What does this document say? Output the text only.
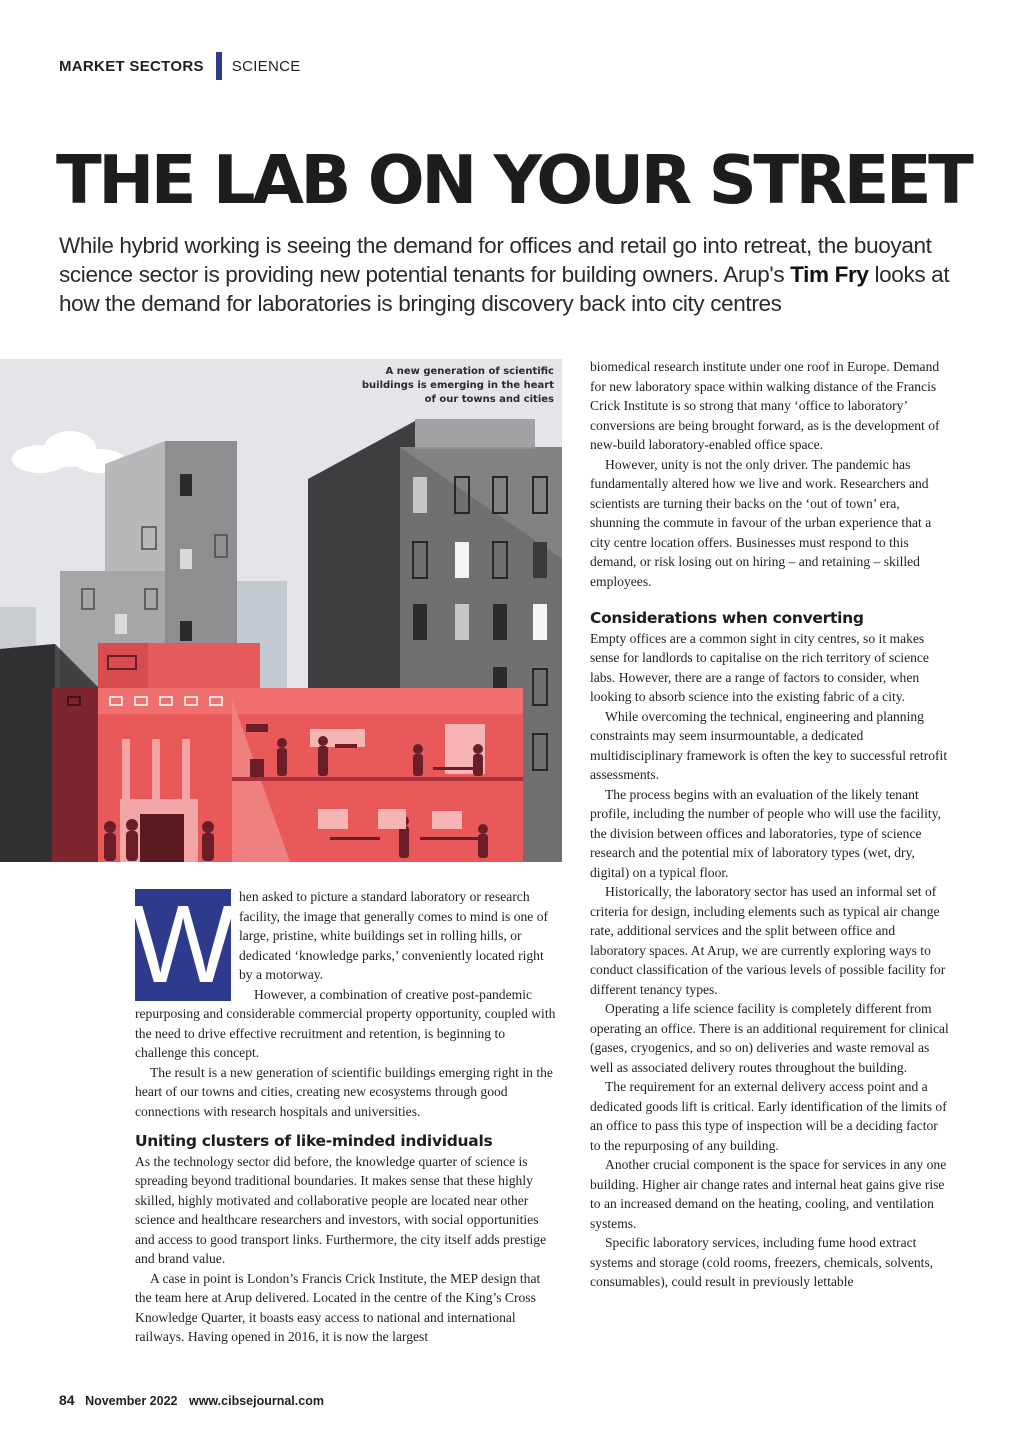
MARKET SECTORS SCIENCE
THE LAB ON YOUR STREET

While hybrid working is seeing the demand for offices and retail go into retreat, the buoyant science sector is providing new potential tenants for building owners. Arup's Tim Fry looks at how the demand for laboratories is bringing discovery back into city centres

A new generation of scientific buildings is emerging in the heart of our towns and cities

W hen asked to picture a standard laboratory or research facility, the image that generally comes to mind is one of large, pristine, white buildings set in rolling hills, or dedicated ‘knowledge parks,’ conveniently located right by a motorway.

However, a combination of creative post-pandemic repurposing and considerable commercial property opportunity, coupled with the need to drive effective recruitment and retention, is beginning to challenge this concept.

The result is a new generation of scientific buildings emerging right in the heart of our towns and cities, creating new ecosystems through good connections with research hospitals and universities.

Uniting clusters of like-minded individuals

As the technology sector did before, the knowledge quarter of science is spreading beyond traditional boundaries. It makes sense that these highly skilled, highly motivated and collaborative people are located near other science and healthcare researchers and investors, with social opportunities and access to good transport links. Furthermore, the city itself adds prestige and brand value.

A case in point is London’s Francis Crick Institute, the MEP design that the team here at Arup delivered. Located in the centre of the King’s Cross Knowledge Quarter, it boasts easy access to national and international railways. Having opened in 2016, it is now the largest

biomedical research institute under one roof in Europe. Demand for new laboratory space within walking distance of the Francis Crick Institute is so strong that many ‘office to laboratory’ conversions are being brought forward, as is the development of new-build laboratory-enabled office space.

However, unity is not the only driver. The pandemic has fundamentally altered how we live and work. Researchers and scientists are turning their backs on the ‘out of town’ era, shunning the commute in favour of the urban experience that a city centre location offers. Businesses must respond to this demand, or risk losing out on hiring – and retaining – skilled employees.

Considerations when converting

Empty offices are a common sight in city centres, so it makes sense for landlords to capitalise on the rich territory of science labs. However, there are a range of factors to consider, when looking to absorb science into the existing fabric of a city.

While overcoming the technical, engineering and planning constraints may seem insurmountable, a dedicated multidisciplinary framework is often the key to successful retrofit assessments.

The process begins with an evaluation of the likely tenant profile, including the number of people who will use the facility, the division between offices and laboratories, type of science research and the potential mix of laboratory types (wet, dry, digital) on a typical floor.

Historically, the laboratory sector has used an informal set of criteria for design, including elements such as typical air change rate, additional services and the split between office and laboratory spaces. At Arup, we are currently exploring ways to conduct classification of the various levels of possible facility for different tenancy types.

Operating a life science facility is completely different from operating an office. There is an additional requirement for clinical (gases, cryogenics, and so on) deliveries and waste removal as well as associated delivery routes throughout the building.

The requirement for an external delivery access point and a dedicated goods lift is critical. Early identification of the limits of an office to pass this type of inspection will be a deciding factor to the repurposing of any building.

Another crucial component is the space for services in any one building. Higher air change rates and internal heat gains give rise to an increased demand on the heating, cooling, and ventilation systems.

Specific laboratory services, including fume hood extract systems and storage (cold rooms, freezers, chemicals, solvents, consumables), could result in previously lettable

84 November 2022 www.cibsejournal.com
